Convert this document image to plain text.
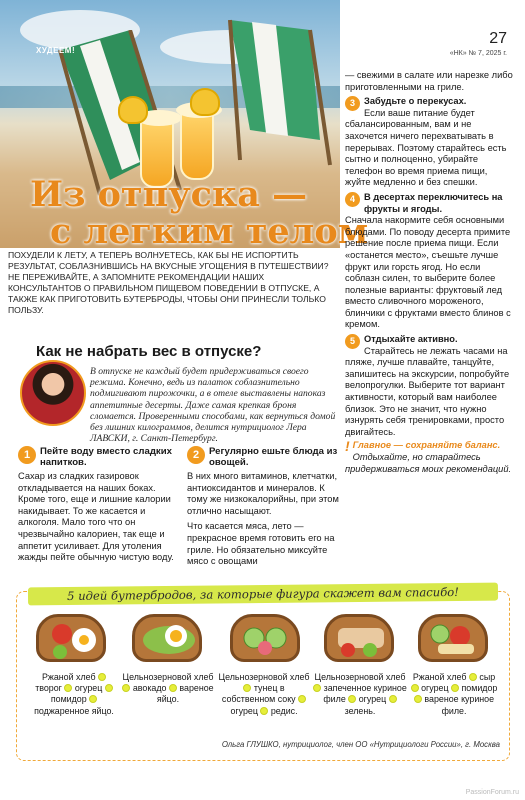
ХУДЕЕМ!
27
«НК» № 7, 2025 г.
Из отпуска —
с легким телом

ПОХУДЕЛИ К ЛЕТУ, А ТЕПЕРЬ ВОЛНУЕТЕСЬ, КАК БЫ НЕ ИСПОРТИТЬ РЕЗУЛЬТАТ, СОБЛАЗНИВШИСЬ НА ВКУСНЫЕ УГОЩЕНИЯ В ПУТЕШЕСТВИИ? НЕ ПЕРЕЖИВАЙТЕ, А ЗАПОМНИТЕ РЕКОМЕНДАЦИИ НАШИХ КОНСУЛЬТАНТОВ О ПРАВИЛЬНОМ ПИЩЕВОМ ПОВЕДЕНИИ В ОТПУСКЕ, А ТАКЖЕ КАК ПРИГОТОВИТЬ БУТЕРБРОДЫ, ЧТОБЫ ОНИ ПРИНЕСЛИ ТОЛЬКО ПОЛЬЗУ.

— свежими в салате или нарезке либо приготовленными на гриле.

3 Забудьте о перекусах.

Если ваше питание будет сбалансированным, вам и не захочется ничего перехватывать в перерывах. Поэтому старайтесь есть сытно и полноценно, убирайте телефон во время приема пищи, жуйте медленно и без спешки.

4 В десертах переключитесь на фрукты и ягоды.

Сначала накормите себя основными блюдами. По поводу десерта примите решение после приема пищи. Если «останется место», съешьте лучше фрукт или горсть ягод. Но если соблазн силен, то выберите более полезные варианты: фруктовый лед вместо сливочного мороженого, блинчики с фруктами вместо блинов с кремом.

5 Отдыхайте активно.

Старайтесь не лежать часами на пляже, лучше плавайте, танцуйте, запишитесь на экскурсии, попробуйте велопрогулки. Выберите тот вариант активности, который вам наиболее близок. Это не значит, что нужно изнурять себя тренировками, просто двигайтесь.

! Главное — сохраняйте баланс. Отдыхайте, но старайтесь придерживаться моих рекомендаций.

Как не набрать вес в отпуске?

В отпуске не каждый будет придерживаться своего режима. Конечно, ведь из палаток соблазнительно подмигивают пирожочки, а в отеле выставлены напоказ аппетитные десерты. Даже самая крепкая броня сломается. Проверенными способами, как вернуться домой без лишних килограммов, делится нутрициолог Лера ЛАВСКИ, г. Санкт-Петербург.

1	Пейте воду вместо сладких напитков.

Сахар из сладких газировок откладывается на наших боках. Кроме того, еще и лишние калории накидывает. То же касается и алкоголя. Мало того что он чрезвычайно калориен, так еще и аппетит усиливает. Для утоления жажды пейте обычную чистую воду.

2	Регулярно ешьте блюда из овощей.

В них много витаминов, клетчатки, антиоксидантов и минералов. К тому же низкокалорийны, при этом отлично насыщают.

Что касается мяса, лето — прекрасное время готовить его на гриле. Но обязательно миксуйте мясо с овощами

5 идей бутербродов, за которые фигура скажет вам спасибо!
Ржаной хлеб  творог огурец  помидор  поджаренное яйцо.
Цельнозерновой хлеб  авокадо вареное яйцо.
Цельнозерновой хлеб  тунец в собственном соку  огурец редис.
Цельнозерновой хлеб  запеченное куриное филе огурец  зелень.
Ржаной хлеб сыр  огурец помидор  вареное куриное филе.
Ольга ГЛУШКО, нутрициолог, член ОО «Нутрициологи России», г. Москва
PassionForum.ru
